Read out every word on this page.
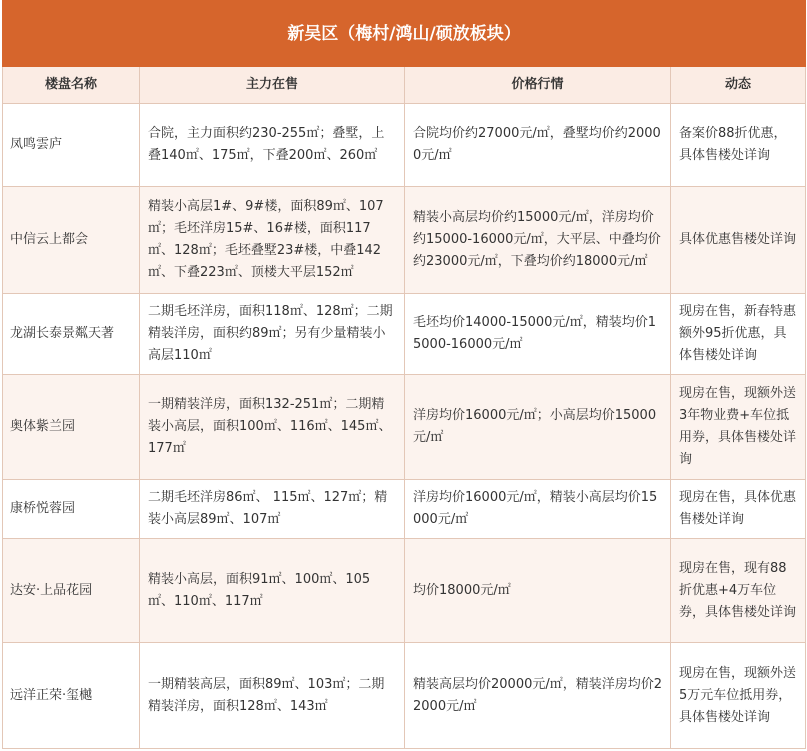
新吴区（梅村/鸿山/硕放板块）			
楼盘名称	主力在售	价格行情	动态
凤鸣雲庐	合院，主力面积约230-255㎡；叠墅，上叠140㎡、175㎡，下叠200㎡、260㎡	合院均价约27000元/㎡，叠墅均价约20000元/㎡	备案价88折优惠，具体售楼处详询
中信云上都会	精装小高层1#、9#楼，面积89㎡、107㎡；毛坯洋房15#、16#楼，面积117㎡、128㎡；毛坯叠墅23#楼，中叠142㎡、下叠223㎡、顶楼大平层152㎡	精装小高层均价约15000元/㎡，洋房均价约15000-16000元/㎡，大平层、中叠均价约23000元/㎡，下叠均价约18000元/㎡	具体优惠售楼处详询
龙湖长泰景粼天著	二期毛坯洋房，面积118㎡、128㎡；二期精装洋房，面积约89㎡；另有少量精装小高层110㎡	毛坯均价14000-15000元/㎡，精装均价15000-16000元/㎡	现房在售，新春特惠额外95折优惠，具体售楼处详询
奥体紫兰园	一期精装洋房，面积132-251㎡；二期精装小高层，面积100㎡、116㎡、145㎡、177㎡	洋房均价16000元/㎡；小高层均价15000元/㎡	现房在售，现额外送3年物业费+车位抵用券，具体售楼处详询
康桥悦蓉园	二期毛坯洋房86㎡、 115㎡、127㎡；精装小高层89㎡、107㎡	洋房均价16000元/㎡，精装小高层均价15000元/㎡	现房在售，具体优惠售楼处详询
达安·上品花园	精装小高层，面积91㎡、100㎡、105㎡、110㎡、117㎡	均价18000元/㎡	现房在售，现有88折优惠+4万车位券，具体售楼处详询
远洋正荣·玺樾	一期精装高层，面积89㎡、103㎡；二期精装洋房，面积128㎡、143㎡	精装高层均价20000元/㎡，精装洋房均价22000元/㎡	现房在售，现额外送5万元车位抵用券，具体售楼处详询
